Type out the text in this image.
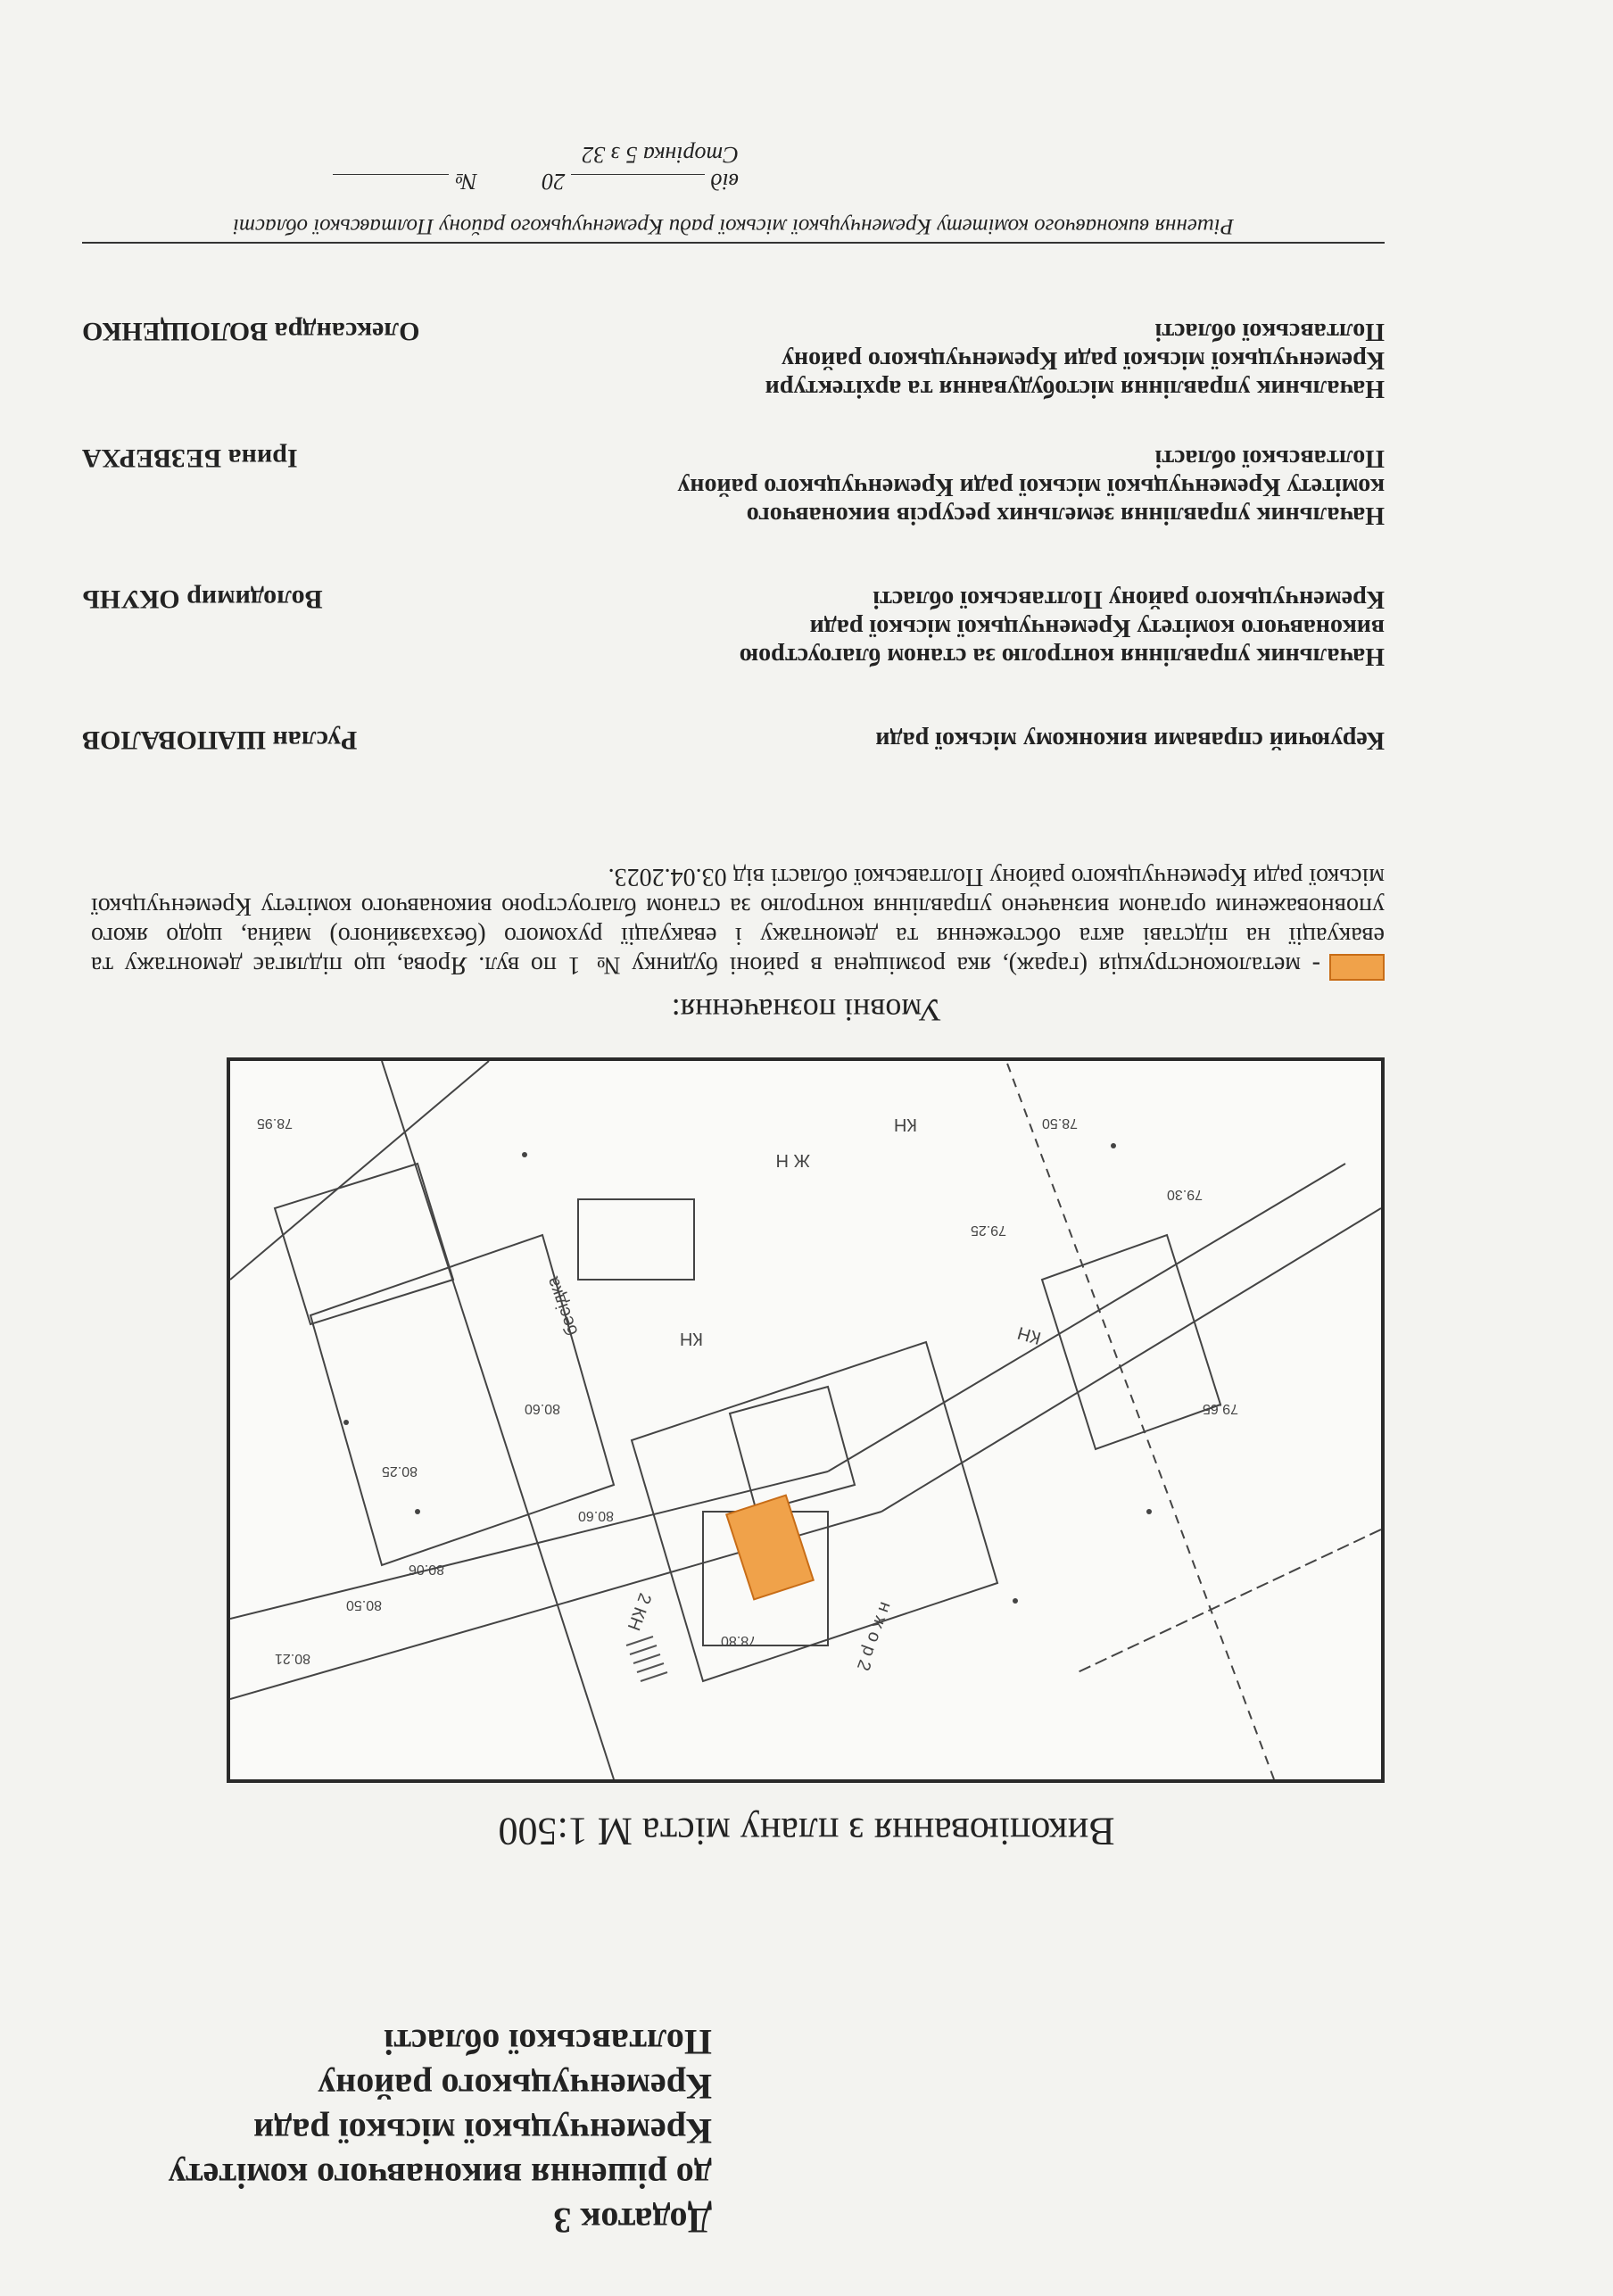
Додаток 3
до рішення виконавчого комітету
Кременчуцької міської ради
Кременчуцького району
Полтавської області
Викопіювання з плану міста М 1:500
КН
КН
2 КН
КН
Ж Н
н ж о р 2
80.60
80.60
79.30
80.25
79.25
78.95
79.65
80.06
78.80
78.50
80.21
бесідка
80.50
Умовні позначення:
- металоконструкція (гараж), яка розміщена в районі будинку № 1 по вул. Ярова, що підлягає демонтажу та евакуації на підставі акта обстеження та демонтажу і евакуації рухомого (безхазяйного) майна, щодо якого уповноваженим органом визначено управління контролю за станом благоустрою виконавчого комітету Кременчуцької міської ради Кременчуцького району Полтавської області від 03.04.2023.
Керуючий справами виконкому міської ради
Руслан ШАПОВАЛОВ
Начальник управління контролю за станом благоустрою виконавчого комітету Кременчуцької міської ради Кременчуцького району Полтавської області
Володимир ОКУНЬ
Начальник управління земельних ресурсів виконавчого комітету Кременчуцької міської ради Кременчуцького району Полтавської області
Ірина БЕЗВЕРХА
Начальник управління містобудування та архітектури Кременчуцької міської ради Кременчуцького району Полтавської області
Олександра ВОЛОЩЕНКО
Рішення виконавчого комітету Кременчуцької міської ради Кременчуцького району Полтавської області
від  20  №
Сторінка 5 з 32
